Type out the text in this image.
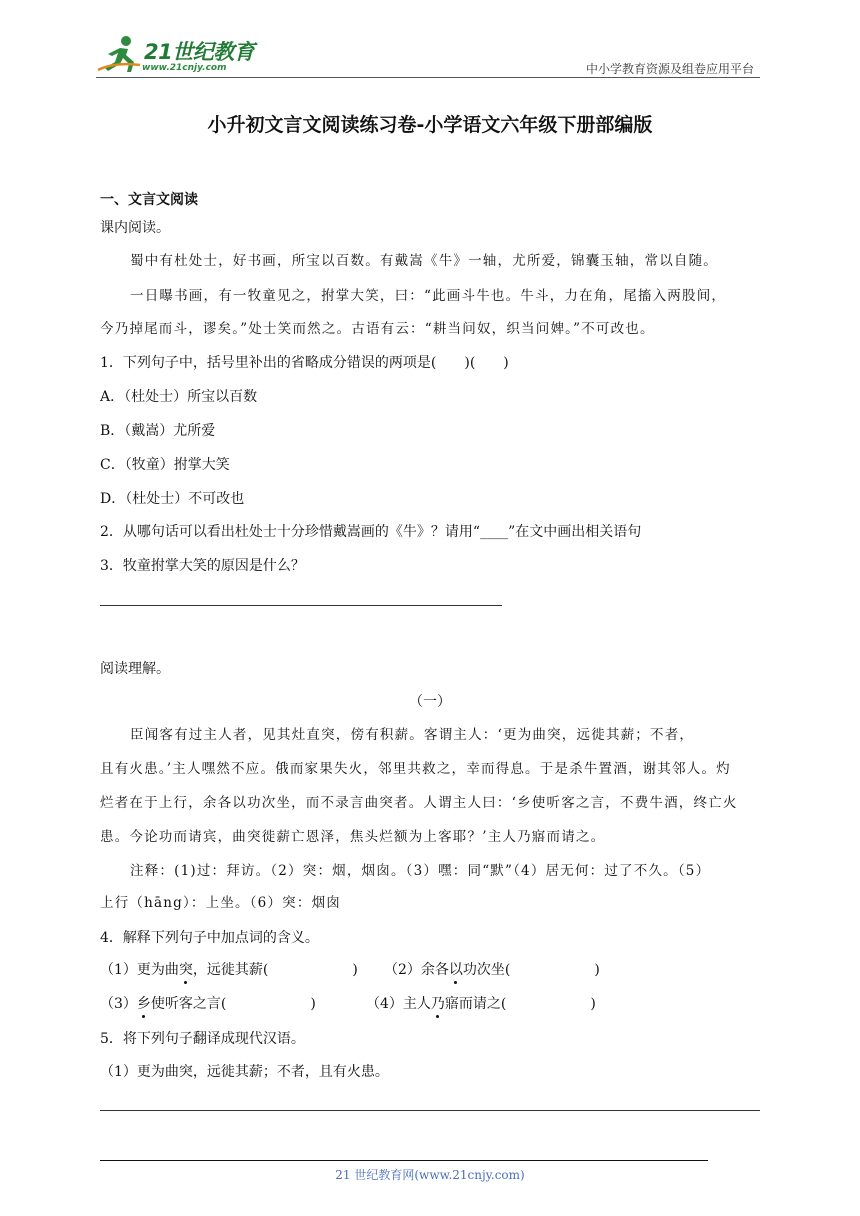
21世纪教育
www.21cnjy.com	中小学教育资源及组卷应用平台
小升初文言文阅读练习卷-小学语文六年级下册部编版
一、文言文阅读
课内阅读。
蜀中有杜处士，好书画，所宝以百数。有戴嵩《牛》一轴，尤所爱，锦囊玉轴，常以自随。
一日曝书画，有一牧童见之，拊掌大笑，曰：“此画斗牛也。牛斗，力在角，尾搐入两股间，
今乃掉尾而斗，谬矣。”处士笑而然之。古语有云：“耕当问奴，织当问婢。”不可改也。
1．下列句子中，括号里补出的省略成分错误的两项是(　　)(　　)
A．（杜处士）所宝以百数
B．（戴嵩）尤所爱
C．（牧童）拊掌大笑
D．（杜处士）不可改也
2．从哪句话可以看出杜处士十分珍惜戴嵩画的《牛》？请用“____”在文中画出相关语句
3．牧童拊掌大笑的原因是什么？
阅读理解。
（一）
臣闻客有过主人者，见其灶直突，傍有积薪。客谓主人：‘更为曲突，远徙其薪；不者，
且有火患。’主人嘿然不应。俄而家果失火，邻里共救之，幸而得息。于是杀牛置酒，谢其邻人。灼
烂者在于上行，余各以功次坐，而不录言曲突者。人谓主人曰：‘乡使听客之言，不费牛酒，终亡火
患。今论功而请宾，曲突徙薪亡恩泽，焦头烂额为上客耶？’主人乃寤而请之。
注释：(1)过：拜访。（2）突：烟，烟囱。（3）嘿：同“默”（4）居无何：过了不久。（5）
上行（hāng）：上坐。（6）突：烟囱
4．解释下列句子中加点词的含义。
（1）更为曲突，远徙其薪(　　　　　　) （2）余各以功次坐(　　　　　　)
（3）乡使听客之言(　　　　　　)	（4）主人乃寤而请之(　　　　　　)
5．将下列句子翻译成现代汉语。
（1）更为曲突，远徙其薪；不者，且有火患。
21 世纪教育网(www.21cnjy.com)
